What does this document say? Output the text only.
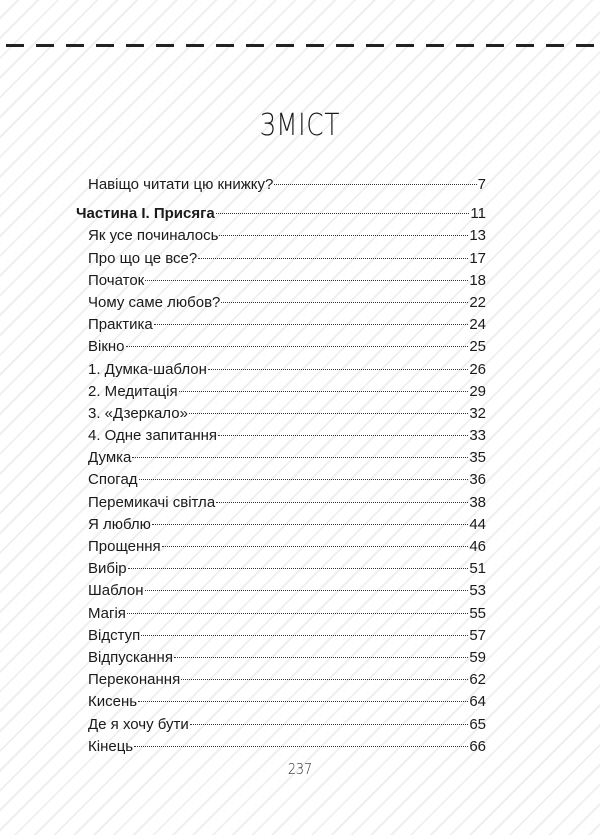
ЗМІСТ
Навіщо читати цю книжку?	7
Частина І. Присяга	11
Як усе починалось	13
Про що це все?	17
Початок	18
Чому саме любов?	22
Практика	24
Вікно	25
1. Думка-шаблон	26
2. Медитація	29
3. «Дзеркало»	32
4. Одне запитання	33
Думка	35
Спогад	36
Перемикачі світла	38
Я люблю	44
Прощення	46
Вибір	51
Шаблон	53
Магія	55
Відступ	57
Відпускання	59
Переконання	62
Кисень	64
Де я хочу бути	65
Кінець	66
237
